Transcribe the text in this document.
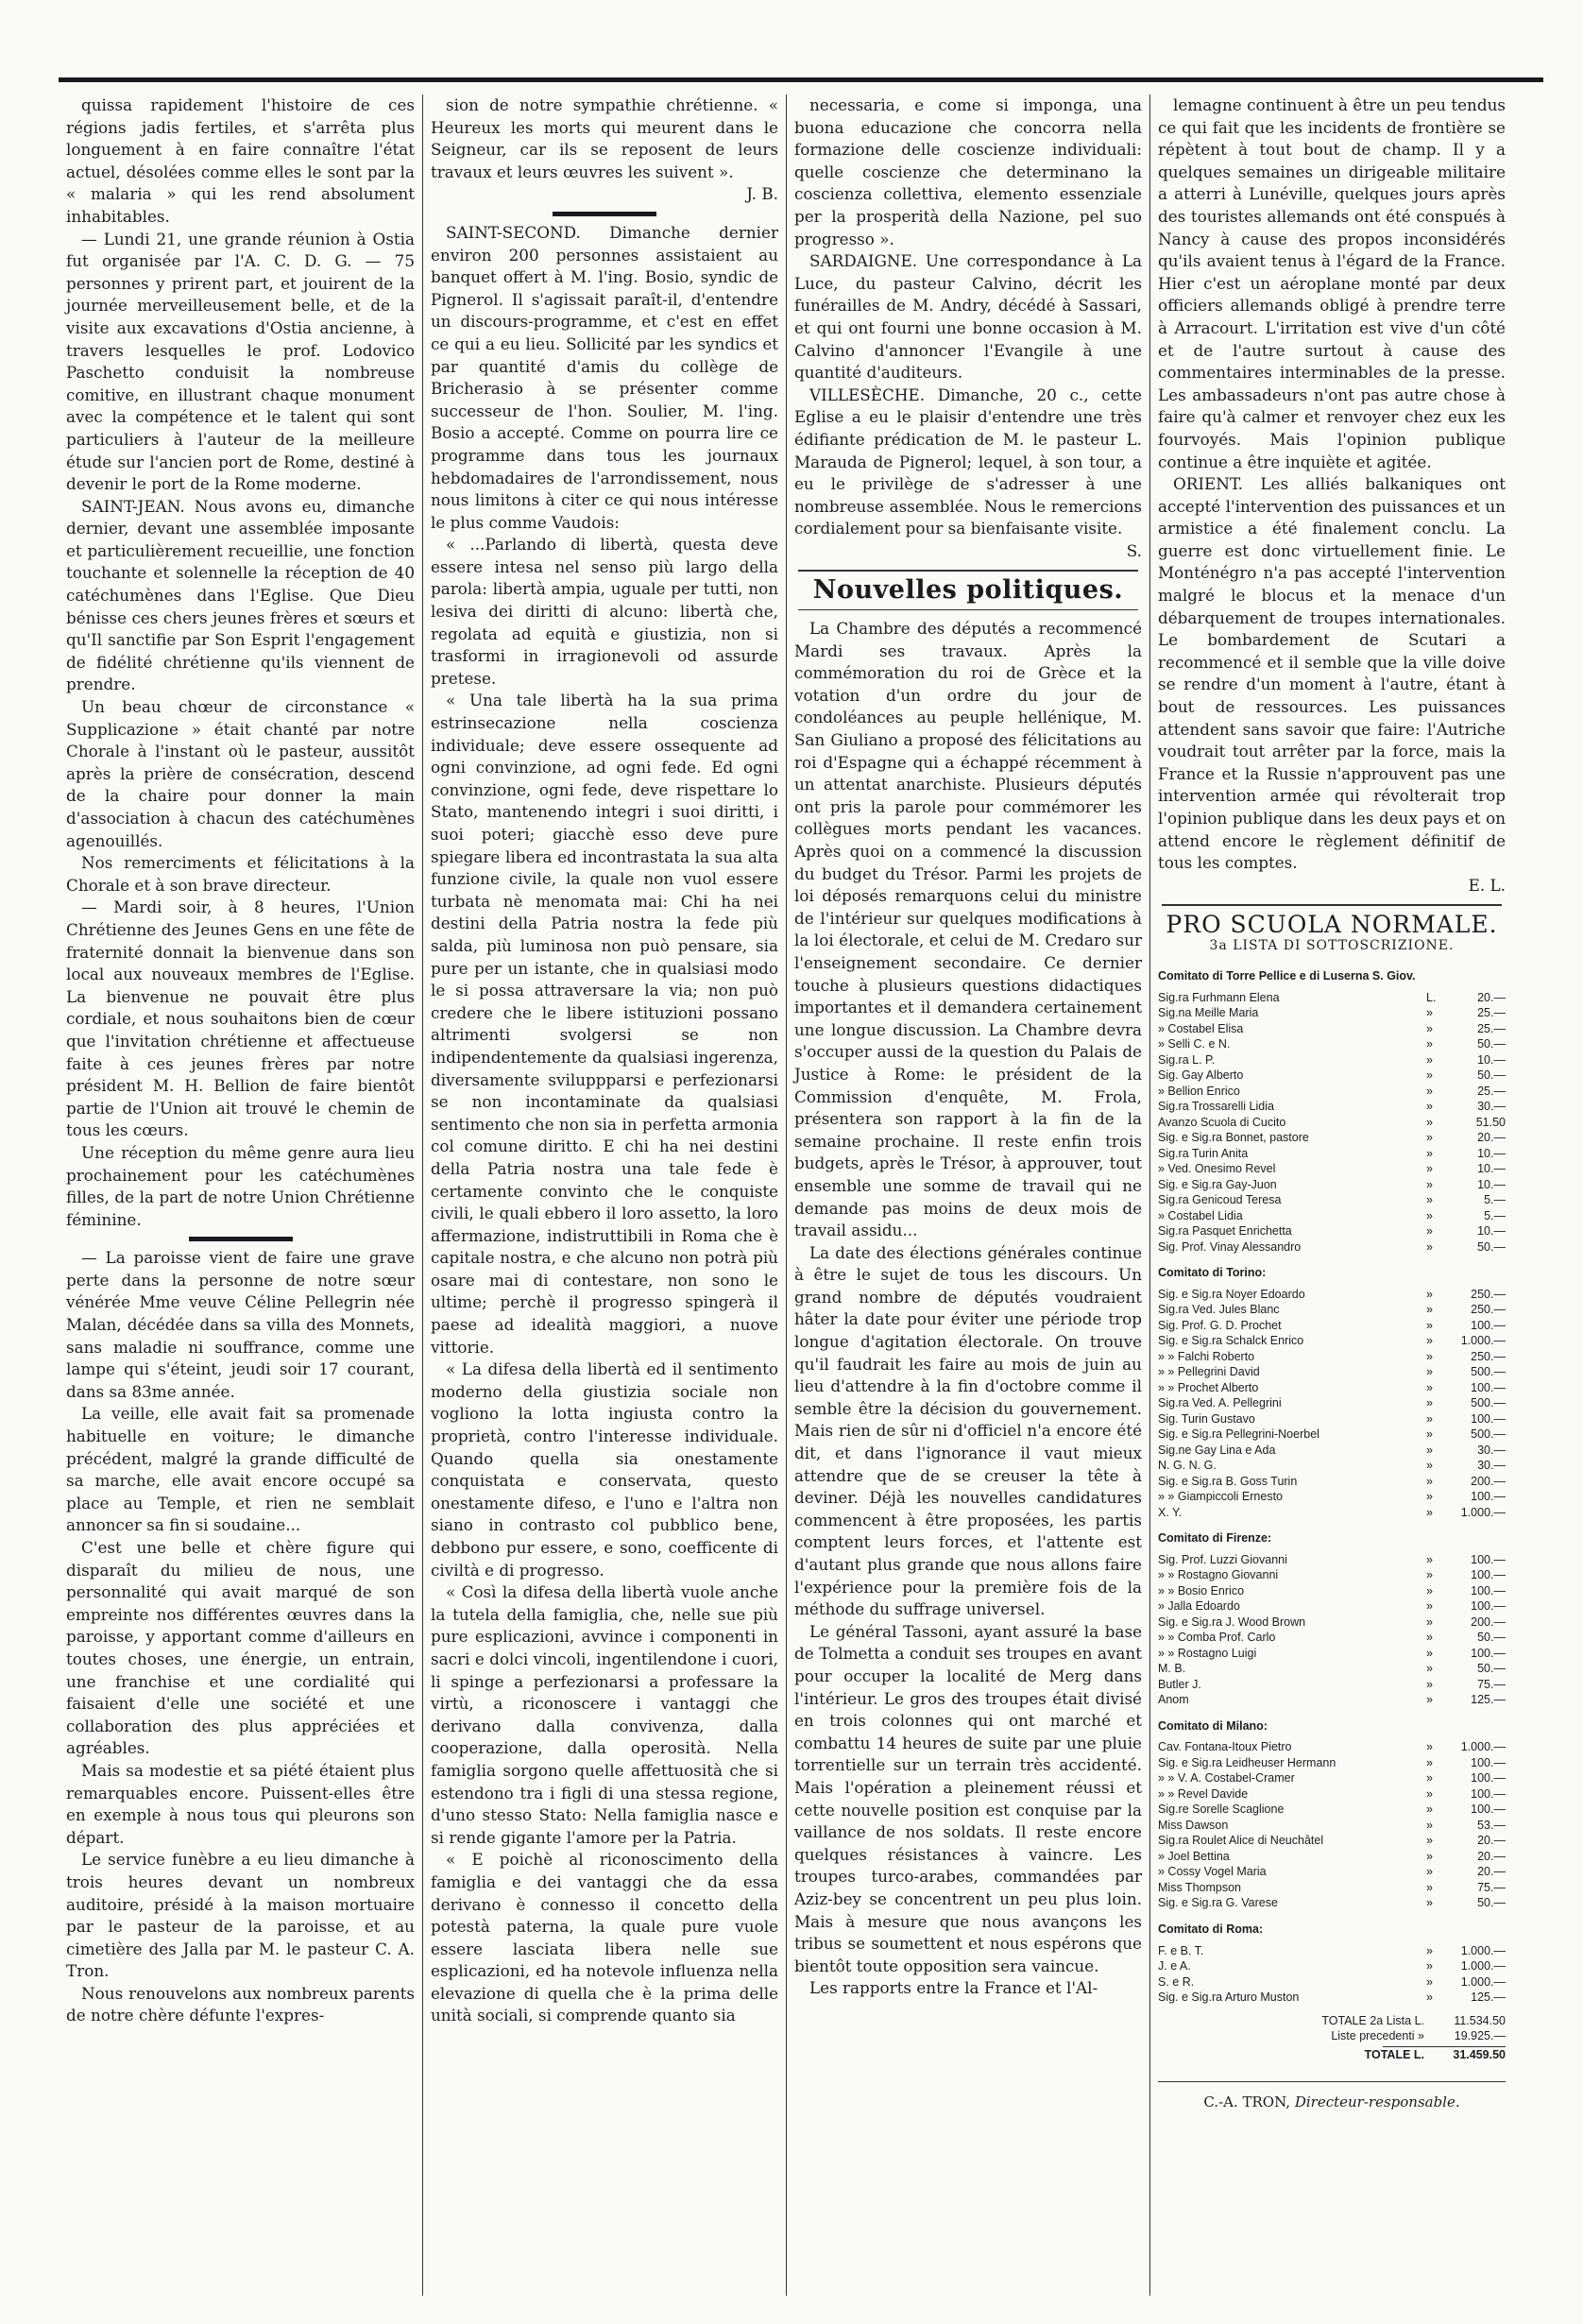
quissa rapidement l'histoire de ces régions jadis fertiles, et s'arrêta plus longuement à en faire connaître l'état actuel, désolées comme elles le sont par la « malaria » qui les rend absolument inhabitables.

— Lundi 21, une grande réunion à Ostia fut organisée par l'A. C. D. G. — 75 personnes y prirent part, et jouirent de la journée merveilleusement belle, et de la visite aux excavations d'Ostia ancienne, à travers lesquelles le prof. Lodovico Paschetto conduisit la nombreuse comitive, en illustrant chaque monument avec la compétence et le talent qui sont particuliers à l'auteur de la meilleure étude sur l'ancien port de Rome, destiné à devenir le port de la Rome moderne.

SAINT-JEAN. Nous avons eu, dimanche dernier, devant une assemblée imposante et particulièrement recueillie, une fonction touchante et solennelle la réception de 40 catéchumènes dans l'Eglise. Que Dieu bénisse ces chers jeunes frères et sœurs et qu'Il sanctifie par Son Esprit l'engagement de fidélité chrétienne qu'ils viennent de prendre.

Un beau chœur de circonstance « Supplicazione » était chanté par notre Chorale à l'instant où le pasteur, aussitôt après la prière de consécration, descend de la chaire pour donner la main d'association à chacun des catéchumènes agenouillés.

Nos remerciments et félicitations à la Chorale et à son brave directeur.

— Mardi soir, à 8 heures, l'Union Chrétienne des Jeunes Gens en une fête de fraternité donnait la bienvenue dans son local aux nouveaux membres de l'Eglise. La bienvenue ne pouvait être plus cordiale, et nous souhaitons bien de cœur que l'invitation chrétienne et affectueuse faite à ces jeunes frères par notre président M. H. Bellion de faire bientôt partie de l'Union ait trouvé le chemin de tous les cœurs.

Une réception du même genre aura lieu prochainement pour les catéchumènes filles, de la part de notre Union Chrétienne féminine.

— La paroisse vient de faire une grave perte dans la personne de notre sœur vénérée Mme veuve Céline Pellegrin née Malan, décédée dans sa villa des Monnets, sans maladie ni souffrance, comme une lampe qui s'éteint, jeudi soir 17 courant, dans sa 83me année.

La veille, elle avait fait sa promenade habituelle en voiture; le dimanche précédent, malgré la grande difficulté de sa marche, elle avait encore occupé sa place au Temple, et rien ne semblait annoncer sa fin si soudaine...

C'est une belle et chère figure qui disparaît du milieu de nous, une personnalité qui avait marqué de son empreinte nos différentes œuvres dans la paroisse, y apportant comme d'ailleurs en toutes choses, une énergie, un entrain, une franchise et une cordialité qui faisaient d'elle une société et une collaboration des plus appréciées et agréables.

Mais sa modestie et sa piété étaient plus remarquables encore. Puissent-elles être en exemple à nous tous qui pleurons son départ.

Le service funèbre a eu lieu dimanche à trois heures devant un nombreux auditoire, présidé à la maison mortuaire par le pasteur de la paroisse, et au cimetière des Jalla par M. le pasteur C. A. Tron.

Nous renouvelons aux nombreux parents de notre chère défunte l'expres-

sion de notre sympathie chrétienne. « Heureux les morts qui meurent dans le Seigneur, car ils se reposent de leurs travaux et leurs œuvres les suivent ».

J. B.

SAINT-SECOND. Dimanche dernier environ 200 personnes assistaient au banquet offert à M. l'ing. Bosio, syndic de Pignerol. Il s'agissait paraît-il, d'entendre un discours-programme, et c'est en effet ce qui a eu lieu. Sollicité par les syndics et par quantité d'amis du collège de Bricherasio à se présenter comme successeur de l'hon. Soulier, M. l'ing. Bosio a accepté. Comme on pourra lire ce programme dans tous les journaux hebdomadaires de l'arrondissement, nous nous limitons à citer ce qui nous intéresse le plus comme Vaudois:

« ...Parlando di libertà, questa deve essere intesa nel senso più largo della parola: libertà ampia, uguale per tutti, non lesiva dei diritti di alcuno: libertà che, regolata ad equità e giustizia, non si trasformi in irragionevoli od assurde pretese.

« Una tale libertà ha la sua prima estrinsecazione nella coscienza individuale; deve essere ossequente ad ogni convinzione, ad ogni fede. Ed ogni convinzione, ogni fede, deve rispettare lo Stato, mantenendo integri i suoi diritti, i suoi poteri; giacchè esso deve pure spiegare libera ed incontrastata la sua alta funzione civile, la quale non vuol essere turbata nè menomata mai: Chi ha nei destini della Patria nostra la fede più salda, più luminosa non può pensare, sia pure per un istante, che in qualsiasi modo le si possa attraversare la via; non può credere che le libere istituzioni possano altrimenti svolgersi se non indipendentemente da qualsiasi ingerenza, diversamente sviluppparsi e perfezionarsi se non incontaminate da qualsiasi sentimento che non sia in perfetta armonia col comune diritto. E chi ha nei destini della Patria nostra una tale fede è certamente convinto che le conquiste civili, le quali ebbero il loro assetto, la loro affermazione, indistruttibili in Roma che è capitale nostra, e che alcuno non potrà più osare mai di contestare, non sono le ultime; perchè il progresso spingerà il paese ad idealità maggiori, a nuove vittorie.

« La difesa della libertà ed il sentimento moderno della giustizia sociale non vogliono la lotta ingiusta contro la proprietà, contro l'interesse individuale. Quando quella sia onestamente conquistata e conservata, questo onestamente difeso, e l'uno e l'altra non siano in contrasto col pubblico bene, debbono pur essere, e sono, coefficente di civiltà e di progresso.

« Così la difesa della libertà vuole anche la tutela della famiglia, che, nelle sue più pure esplicazioni, avvince i componenti in sacri e dolci vincoli, ingentilendone i cuori, li spinge a perfezionarsi a professare la virtù, a riconoscere i vantaggi che derivano dalla convivenza, dalla cooperazione, dalla operosità. Nella famiglia sorgono quelle affettuosità che si estendono tra i figli di una stessa regione, d'uno stesso Stato: Nella famiglia nasce e si rende gigante l'amore per la Patria.

« E poichè al riconoscimento della famiglia e dei vantaggi che da essa derivano è connesso il concetto della potestà paterna, la quale pure vuole essere lasciata libera nelle sue esplicazioni, ed ha notevole influenza nella elevazione di quella che è la prima delle unità sociali, si comprende quanto sia

necessaria, e come si imponga, una buona educazione che concorra nella formazione delle coscienze individuali: quelle coscienze che determinano la coscienza collettiva, elemento essenziale per la prosperità della Nazione, pel suo progresso ».

SARDAIGNE. Une correspondance à La Luce, du pasteur Calvino, décrit les funérailles de M. Andry, décédé à Sassari, et qui ont fourni une bonne occasion à M. Calvino d'annoncer l'Evangile à une quantité d'auditeurs.

VILLESÈCHE. Dimanche, 20 c., cette Eglise a eu le plaisir d'entendre une très édifiante prédication de M. le pasteur L. Marauda de Pignerol; lequel, à son tour, a eu le privilège de s'adresser à une nombreuse assemblée. Nous le remercions cordialement pour sa bienfaisante visite.

S.

Nouvelles politiques.

La Chambre des députés a recommencé Mardi ses travaux. Après la commémoration du roi de Grèce et la votation d'un ordre du jour de condoléances au peuple hellénique, M. San Giuliano a proposé des félicitations au roi d'Espagne qui a échappé récemment à un attentat anarchiste. Plusieurs députés ont pris la parole pour commémorer les collègues morts pendant les vacances. Après quoi on a commencé la discussion du budget du Trésor. Parmi les projets de loi déposés remarquons celui du ministre de l'intérieur sur quelques modifications à la loi électorale, et celui de M. Credaro sur l'enseignement secondaire. Ce dernier touche à plusieurs questions didactiques importantes et il demandera certainement une longue discussion. La Chambre devra s'occuper aussi de la question du Palais de Justice à Rome: le président de la Commission d'enquête, M. Frola, présentera son rapport à la fin de la semaine prochaine. Il reste enfin trois budgets, après le Trésor, à approuver, tout ensemble une somme de travail qui ne demande pas moins de deux mois de travail assidu...

La date des élections générales continue à être le sujet de tous les discours. Un grand nombre de députés voudraient hâter la date pour éviter une période trop longue d'agitation électorale. On trouve qu'il faudrait les faire au mois de juin au lieu d'attendre à la fin d'octobre comme il semble être la décision du gouvernement. Mais rien de sûr ni d'officiel n'a encore été dit, et dans l'ignorance il vaut mieux attendre que de se creuser la tête à deviner. Déjà les nouvelles candidatures commencent à être proposées, les partis comptent leurs forces, et l'attente est d'autant plus grande que nous allons faire l'expérience pour la première fois de la méthode du suffrage universel.

Le général Tassoni, ayant assuré la base de Tolmetta a conduit ses troupes en avant pour occuper la localité de Merg dans l'intérieur. Le gros des troupes était divisé en trois colonnes qui ont marché et combattu 14 heures de suite par une pluie torrentielle sur un terrain très accidenté. Mais l'opération a pleinement réussi et cette nouvelle position est conquise par la vaillance de nos soldats. Il reste encore quelques résistances à vaincre. Les troupes turco-arabes, commandées par Aziz-bey se concentrent un peu plus loin. Mais à mesure que nous avançons les tribus se soumettent et nous espérons que bientôt toute opposition sera vaincue.

Les rapports entre la France et l'Al-

lemagne continuent à être un peu tendus ce qui fait que les incidents de frontière se répètent à tout bout de champ. Il y a quelques semaines un dirigeable militaire a atterri à Lunéville, quelques jours après des touristes allemands ont été conspués à Nancy à cause des propos inconsidérés qu'ils avaient tenus à l'égard de la France. Hier c'est un aéroplane monté par deux officiers allemands obligé à prendre terre à Arracourt. L'irritation est vive d'un côté et de l'autre surtout à cause des commentaires interminables de la presse. Les ambassadeurs n'ont pas autre chose à faire qu'à calmer et renvoyer chez eux les fourvoyés. Mais l'opinion publique continue a être inquiète et agitée.

ORIENT. Les alliés balkaniques ont accepté l'intervention des puissances et un armistice a été finalement conclu. La guerre est donc virtuellement finie. Le Monténégro n'a pas accepté l'intervention malgré le blocus et la menace d'un débarquement de troupes internationales. Le bombardement de Scutari a recommencé et il semble que la ville doive se rendre d'un moment à l'autre, étant à bout de ressources. Les puissances attendent sans savoir que faire: l'Autriche voudrait tout arrêter par la force, mais la France et la Russie n'approuvent pas une intervention armée qui révolterait trop l'opinion publique dans les deux pays et on attend encore le règlement définitif de tous les comptes.

E. L.

PRO SCUOLA NORMALE.
3a LISTA DI SOTTOSCRIZIONE.
Comitato di Torre Pellice e di Luserna S. Giov.
Sig.ra Furhmann Elena	L.	20.—
Sig.na Meille Maria	»	25.—
» Costabel Elisa	»	25.—
» Selli C. e N.	»	50.—
Sig.ra L. P.	»	10.—
Sig. Gay Alberto	»	50.—
» Bellion Enrico	»	25.—
Sig.ra Trossarelli Lidia	»	30.—
Avanzo Scuola di Cucito	»	51.50
Sig. e Sig.ra Bonnet, pastore	»	20.—
Sig.ra Turin Anita	»	10.—
» Ved. Onesimo Revel	»	10.—
Sig. e Sig.ra Gay-Juon	»	10.—
Sig.ra Genicoud Teresa	»	5.—
» Costabel Lidia	»	5.—
Sig.ra Pasquet Enrichetta	»	10.—
Sig. Prof. Vinay Alessandro	»	50.—
Comitato di Torino:
Sig. e Sig.ra Noyer Edoardo	»	250.—
Sig.ra Ved. Jules Blanc	»	250.—
Sig. Prof. G. D. Prochet	»	100.—
Sig. e Sig.ra Schalck Enrico	»	1.000.—
» » Falchi Roberto	»	250.—
» » Pellegrini David	»	500.—
» » Prochet Alberto	»	100.—
Sig.ra Ved. A. Pellegrini	»	500.—
Sig. Turin Gustavo	»	100.—
Sig. e Sig.ra Pellegrini-Noerbel	»	500.—
Sig.ne Gay Lina e Ada	»	30.—
N. G. N. G.	»	30.—
Sig. e Sig.ra B. Goss Turin	»	200.—
» » Giampiccoli Ernesto	»	100.—
X. Y.	»	1.000.—
Comitato di Firenze:
Sig. Prof. Luzzi Giovanni	»	100.—
» » Rostagno Giovanni	»	100.—
» » Bosio Enrico	»	100.—
» Jalla Edoardo	»	100.—
Sig. e Sig.ra J. Wood Brown	»	200.—
» » Comba Prof. Carlo	»	50.—
» » Rostagno Luigi	»	100.—
M. B.	»	50.—
Butler J.	»	75.—
Anom	»	125.—
Comitato di Milano:
Cav. Fontana-Itoux Pietro	»	1.000.—
Sig. e Sig.ra Leidheuser Hermann	»	100.—
» » V. A. Costabel-Cramer	»	100.—
» » Revel Davide	»	100.—
Sig.re Sorelle Scaglione	»	100.—
Miss Dawson	»	53.—
Sig.ra Roulet Alice di Neuchâtel	»	20.—
» Joel Bettina	»	20.—
» Cossy Vogel Maria	»	20.—
Miss Thompson	»	75.—
Sig. e Sig.ra G. Varese	»	50.—
Comitato di Roma:
F. e B. T.	»	1.000.—
J. e A.	»	1.000.—
S. e R.	»	1.000.—
Sig. e Sig.ra Arturo Muston	»	125.—
TOTALE 2a Lista L.	11.534.50
Liste precedenti »	19.925.—
TOTALE L.	31.459.50
C.-A. TRON, Directeur-responsable.
